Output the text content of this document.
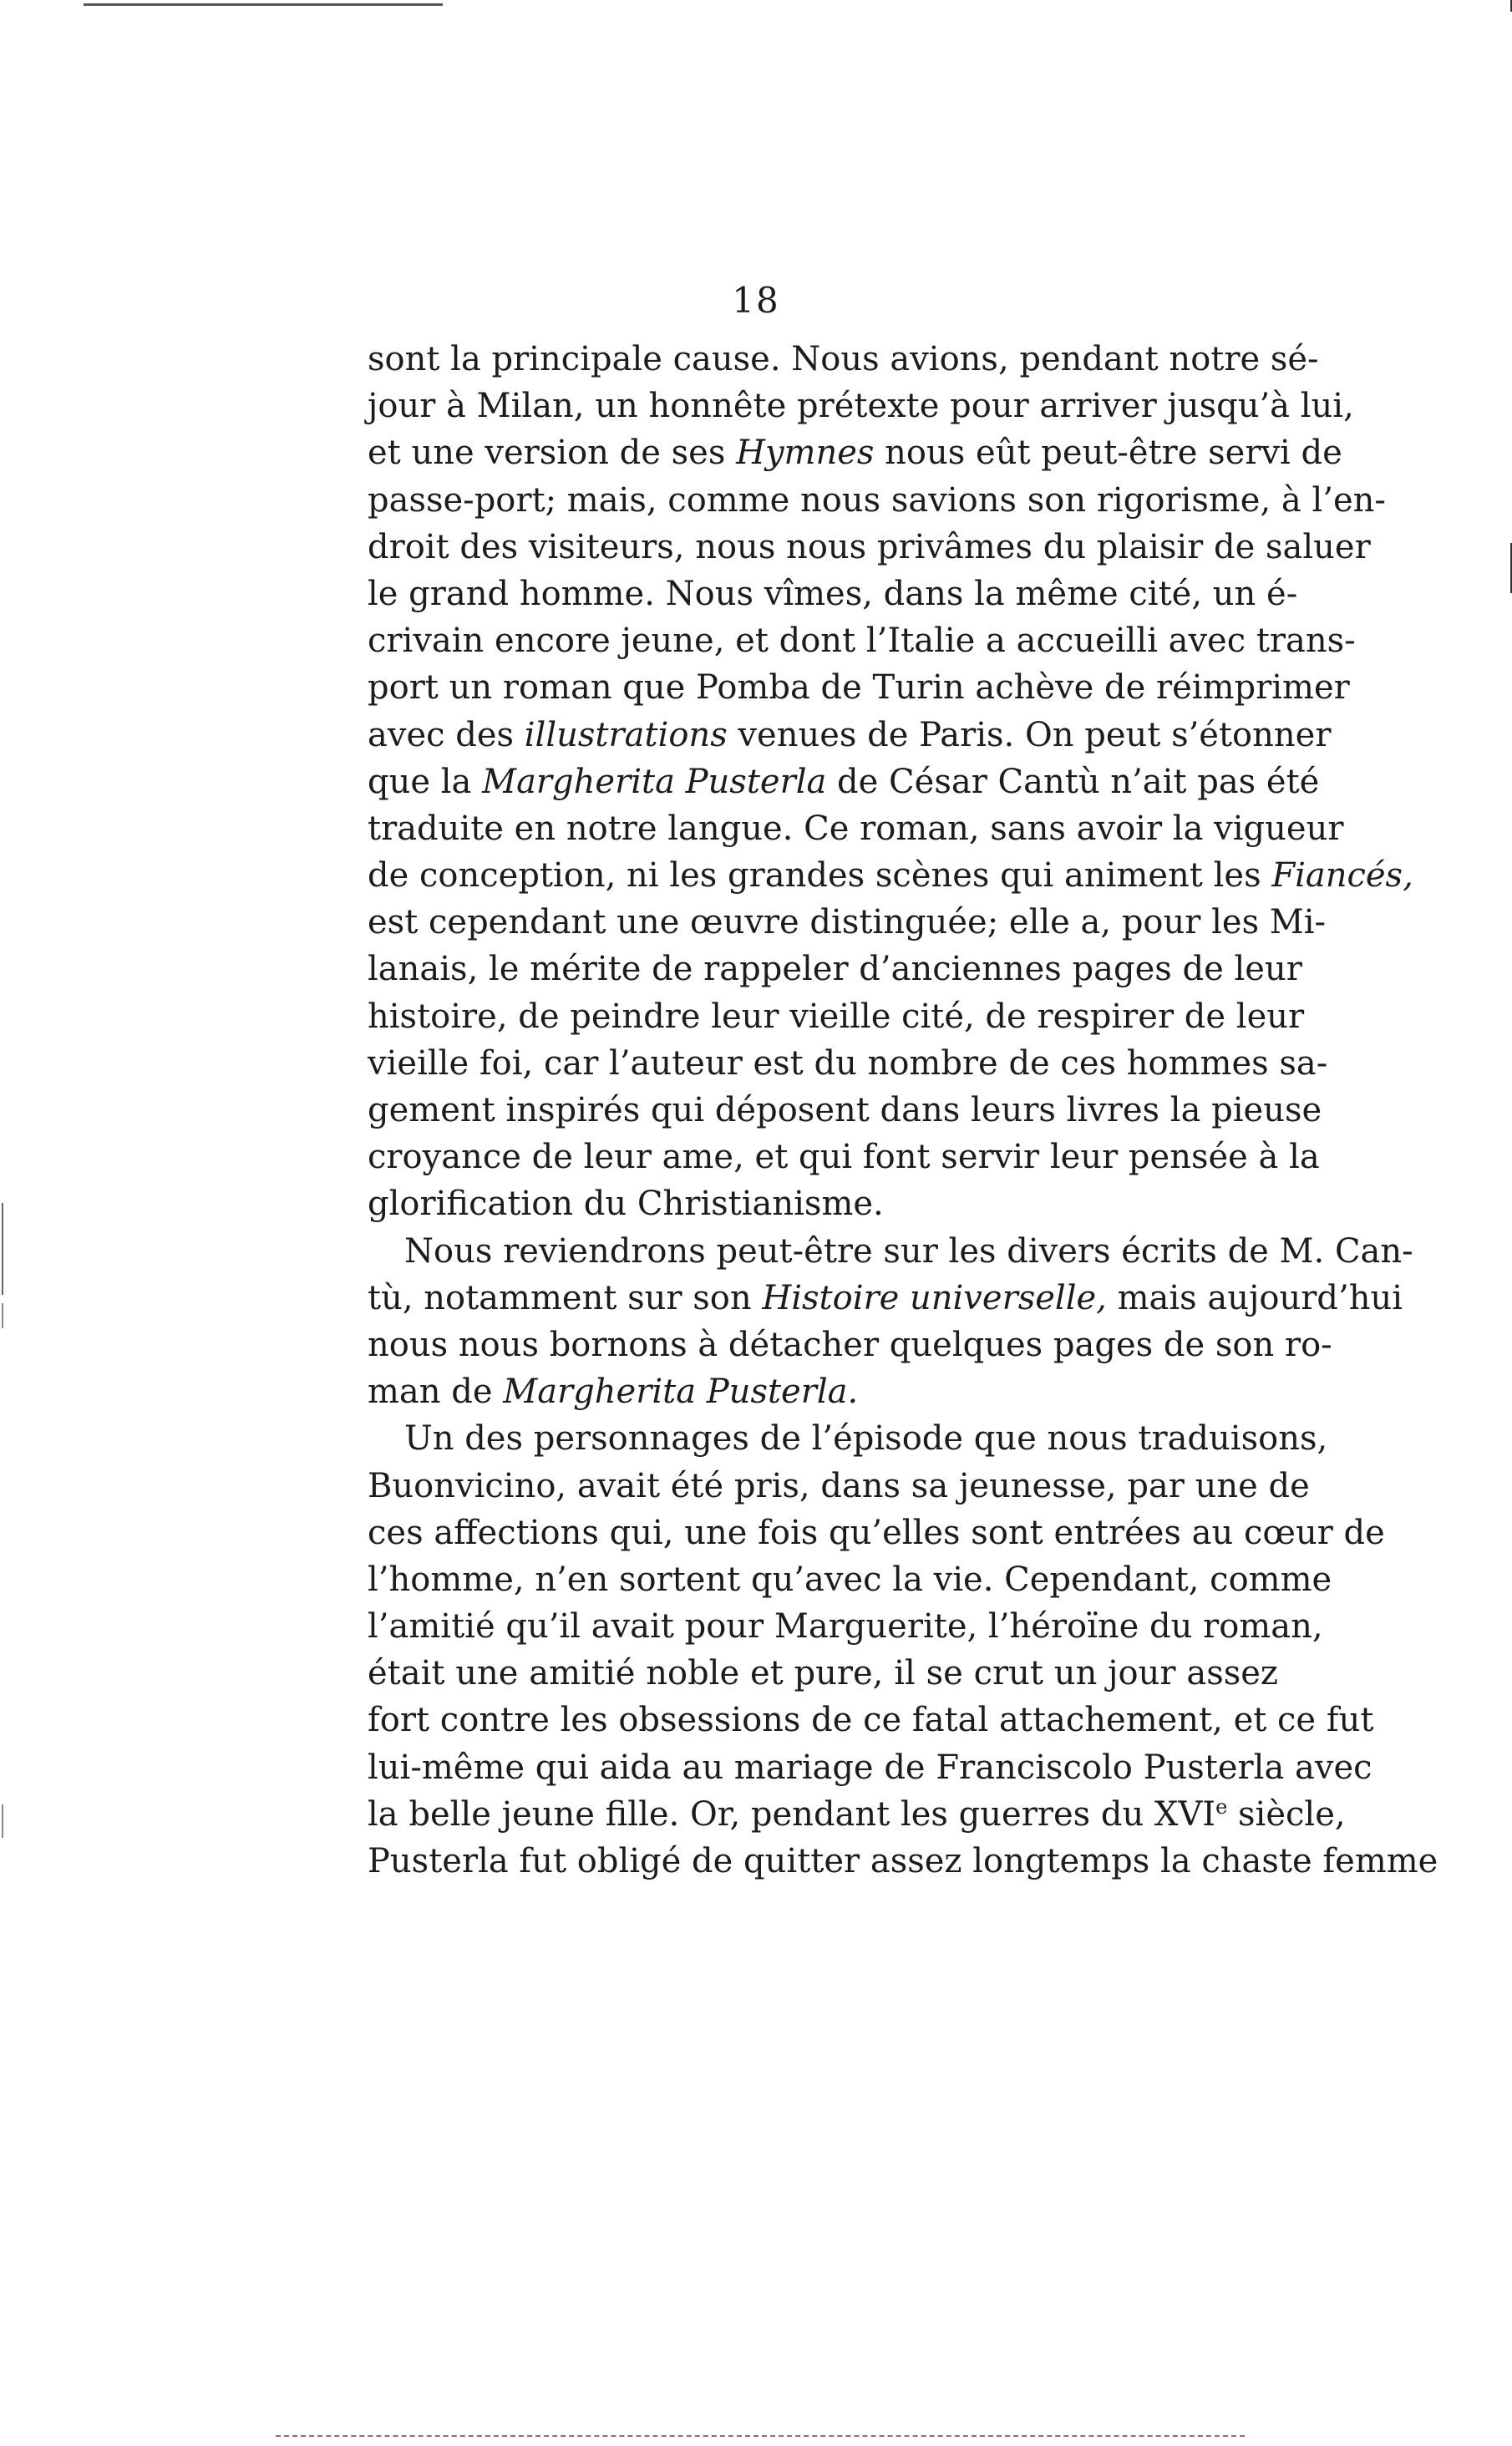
18
sont la principale cause. Nous avions, pendant notre sé-
jour à Milan, un honnête prétexte pour arriver jusqu’à lui,
et une version de ses Hymnes nous eût peut-être servi de
passe-port; mais, comme nous savions son rigorisme, à l’en-
droit des visiteurs, nous nous privâmes du plaisir de saluer
le grand homme. Nous vîmes, dans la même cité, un é-
crivain encore jeune, et dont l’Italie a accueilli avec trans-
port un roman que Pomba de Turin achève de réimprimer
avec des illustrations venues de Paris. On peut s’étonner
que la Margherita Pusterla de César Cantù n’ait pas été
traduite en notre langue. Ce roman, sans avoir la vigueur
de conception, ni les grandes scènes qui animent les Fiancés,
est cependant une œuvre distinguée; elle a, pour les Mi-
lanais, le mérite de rappeler d’anciennes pages de leur
histoire, de peindre leur vieille cité, de respirer de leur
vieille foi, car l’auteur est du nombre de ces hommes sa-
gement inspirés qui déposent dans leurs livres la pieuse
croyance de leur ame, et qui font servir leur pensée à la
glorification du Christianisme.
Nous reviendrons peut-être sur les divers écrits de M. Can-
tù, notamment sur son Histoire universelle, mais aujourd’hui
nous nous bornons à détacher quelques pages de son ro-
man de Margherita Pusterla.
Un des personnages de l’épisode que nous traduisons,
Buonvicino, avait été pris, dans sa jeunesse, par une de
ces affections qui, une fois qu’elles sont entrées au cœur de
l’homme, n’en sortent qu’avec la vie. Cependant, comme
l’amitié qu’il avait pour Marguerite, l’héroïne du roman,
était une amitié noble et pure, il se crut un jour assez
fort contre les obsessions de ce fatal attachement, et ce fut
lui-même qui aida au mariage de Franciscolo Pusterla avec
la belle jeune fille. Or, pendant les guerres du XVIe siècle,
Pusterla fut obligé de quitter assez longtemps la chaste femme
